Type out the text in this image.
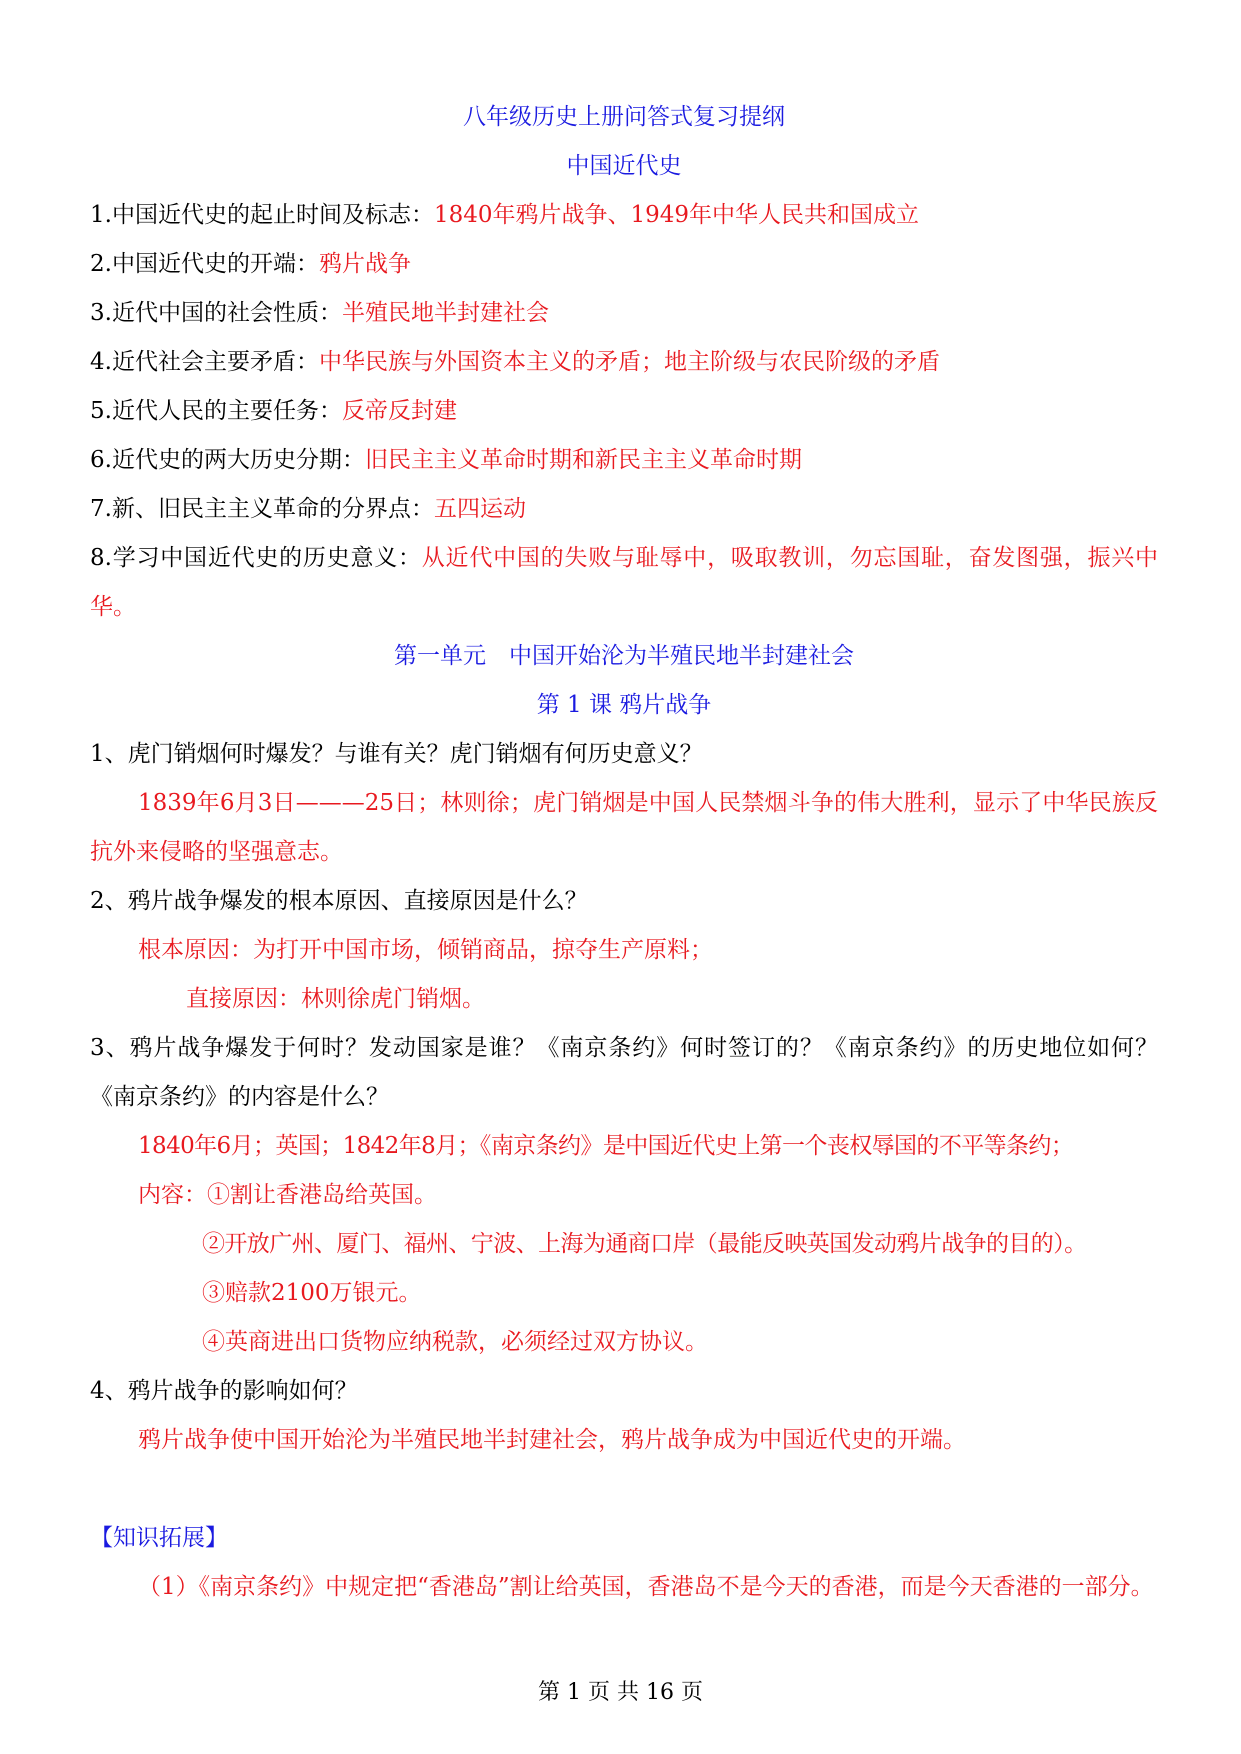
八年级历史上册问答式复习提纲
中国近代史
1.中国近代史的起止时间及标志：1840年鸦片战争、1949年中华人民共和国成立
2.中国近代史的开端：鸦片战争
3.近代中国的社会性质：半殖民地半封建社会
4.近代社会主要矛盾：中华民族与外国资本主义的矛盾；地主阶级与农民阶级的矛盾
5.近代人民的主要任务：反帝反封建
6.近代史的两大历史分期：旧民主主义革命时期和新民主主义革命时期
7.新、旧民主主义革命的分界点：五四运动
8.学习中国近代史的历史意义：从近代中国的失败与耻辱中，吸取教训，勿忘国耻，奋发图强，振兴中华。
第一单元　中国开始沦为半殖民地半封建社会
第 1 课 鸦片战争
1、虎门销烟何时爆发？与谁有关？虎门销烟有何历史意义？
1839年6月3日———25日；林则徐；虎门销烟是中国人民禁烟斗争的伟大胜利，显示了中华民族反抗外来侵略的坚强意志。
2、鸦片战争爆发的根本原因、直接原因是什么？
根本原因：为打开中国市场，倾销商品，掠夺生产原料；
直接原因：林则徐虎门销烟。
3、鸦片战争爆发于何时？发动国家是谁？《南京条约》何时签订的？《南京条约》的历史地位如何？《南京条约》的内容是什么？
1840年6月；英国；1842年8月；《南京条约》是中国近代史上第一个丧权辱国的不平等条约；
内容：①割让香港岛给英国。
②开放广州、厦门、福州、宁波、上海为通商口岸（最能反映英国发动鸦片战争的目的）。
③赔款2100万银元。
④英商进出口货物应纳税款，必须经过双方协议。
4、鸦片战争的影响如何？
鸦片战争使中国开始沦为半殖民地半封建社会，鸦片战争成为中国近代史的开端。
【知识拓展】
（1）《南京条约》中规定把“香港岛”割让给英国，香港岛不是今天的香港，而是今天香港的一部分。
第 1 页 共 16 页
